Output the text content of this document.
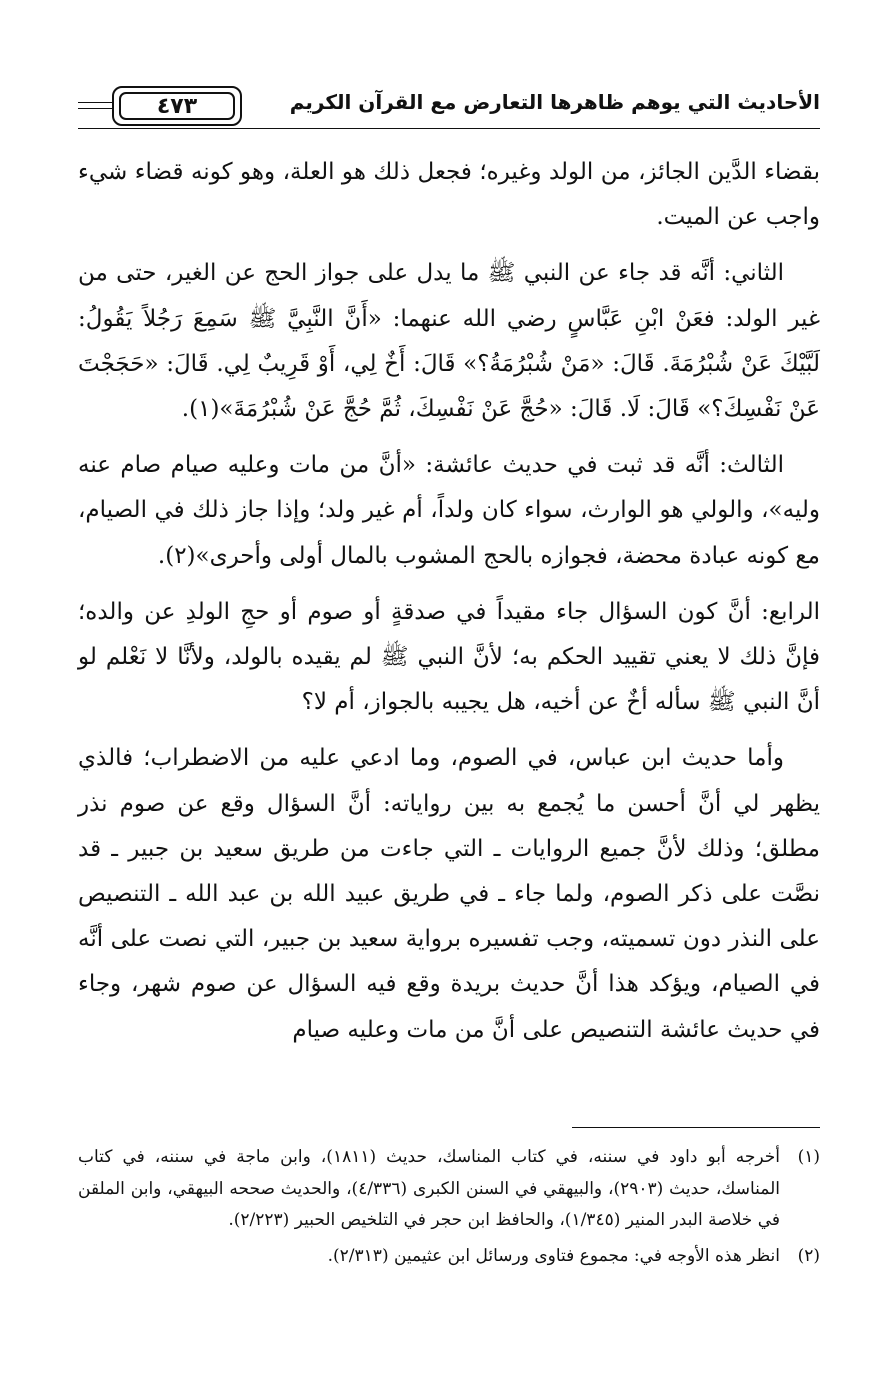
الأحاديث التي يوهم ظاهرها التعارض مع القرآن الكريم
٤٧٣

بقضاء الدَّين الجائز، من الولد وغيره؛ فجعل ذلك هو العلة، وهو كونه قضاء شيء واجب عن الميت.

الثاني: أنَّه قد جاء عن النبي ﷺ ما يدل على جواز الحج عن الغير، حتى من غير الولد: فعَنْ ابْنِ عَبَّاسٍ رضي الله عنهما: «أَنَّ النَّبِيَّ ﷺ سَمِعَ رَجُلاً يَقُولُ: لَبَّيْكَ عَنْ شُبْرُمَةَ. قَالَ: «مَنْ شُبْرُمَةُ؟» قَالَ: أَخٌ لِي، أَوْ قَرِيبٌ لِي. قَالَ: «حَجَجْتَ عَنْ نَفْسِكَ؟» قَالَ: لَا. قَالَ: «حُجَّ عَنْ نَفْسِكَ، ثُمَّ حُجَّ عَنْ شُبْرُمَةَ»(١).

الثالث: أنَّه قد ثبت في حديث عائشة: «أنَّ من مات وعليه صيام صام عنه وليه»، والولي هو الوارث، سواء كان ولداً، أم غير ولد؛ وإذا جاز ذلك في الصيام، مع كونه عبادة محضة، فجوازه بالحج المشوب بالمال أولى وأحرى»(٢).

الرابع: أنَّ كون السؤال جاء مقيداً في صدقةٍ أو صوم أو حجِ الولدِ عن والده؛ فإنَّ ذلك لا يعني تقييد الحكم به؛ لأنَّ النبي ﷺ لم يقيده بالولد، ولأنَّا لا نَعْلم لو أنَّ النبي ﷺ سأله أخٌ عن أخيه، هل يجيبه بالجواز، أم لا؟

وأما حديث ابن عباس، في الصوم، وما ادعي عليه من الاضطراب؛ فالذي يظهر لي أنَّ أحسن ما يُجمع به بين رواياته: أنَّ السؤال وقع عن صوم نذر مطلق؛ وذلك لأنَّ جميع الروايات ـ التي جاءت من طريق سعيد بن جبير ـ قد نصَّت على ذكر الصوم، ولما جاء ـ في طريق عبيد الله بن عبد الله ـ التنصيص على النذر دون تسميته، وجب تفسيره برواية سعيد بن جبير، التي نصت على أنَّه في الصيام، ويؤكد هذا أنَّ حديث بريدة وقع فيه السؤال عن صوم شهر، وجاء في حديث عائشة التنصيص على أنَّ من مات وعليه صيام

(١)
أخرجه أبو داود في سننه، في كتاب المناسك، حديث (١٨١١)، وابن ماجة في سننه، في كتاب المناسك، حديث (٢٩٠٣)، والبيهقي في السنن الكبرى (٤/٣٣٦)، والحديث صححه البيهقي، وابن الملقن في خلاصة البدر المنير (١/٣٤٥)، والحافظ ابن حجر في التلخيص الحبير (٢/٢٢٣).
(٢)
انظر هذه الأوجه في: مجموع فتاوى ورسائل ابن عثيمين (٢/٣١٣).
